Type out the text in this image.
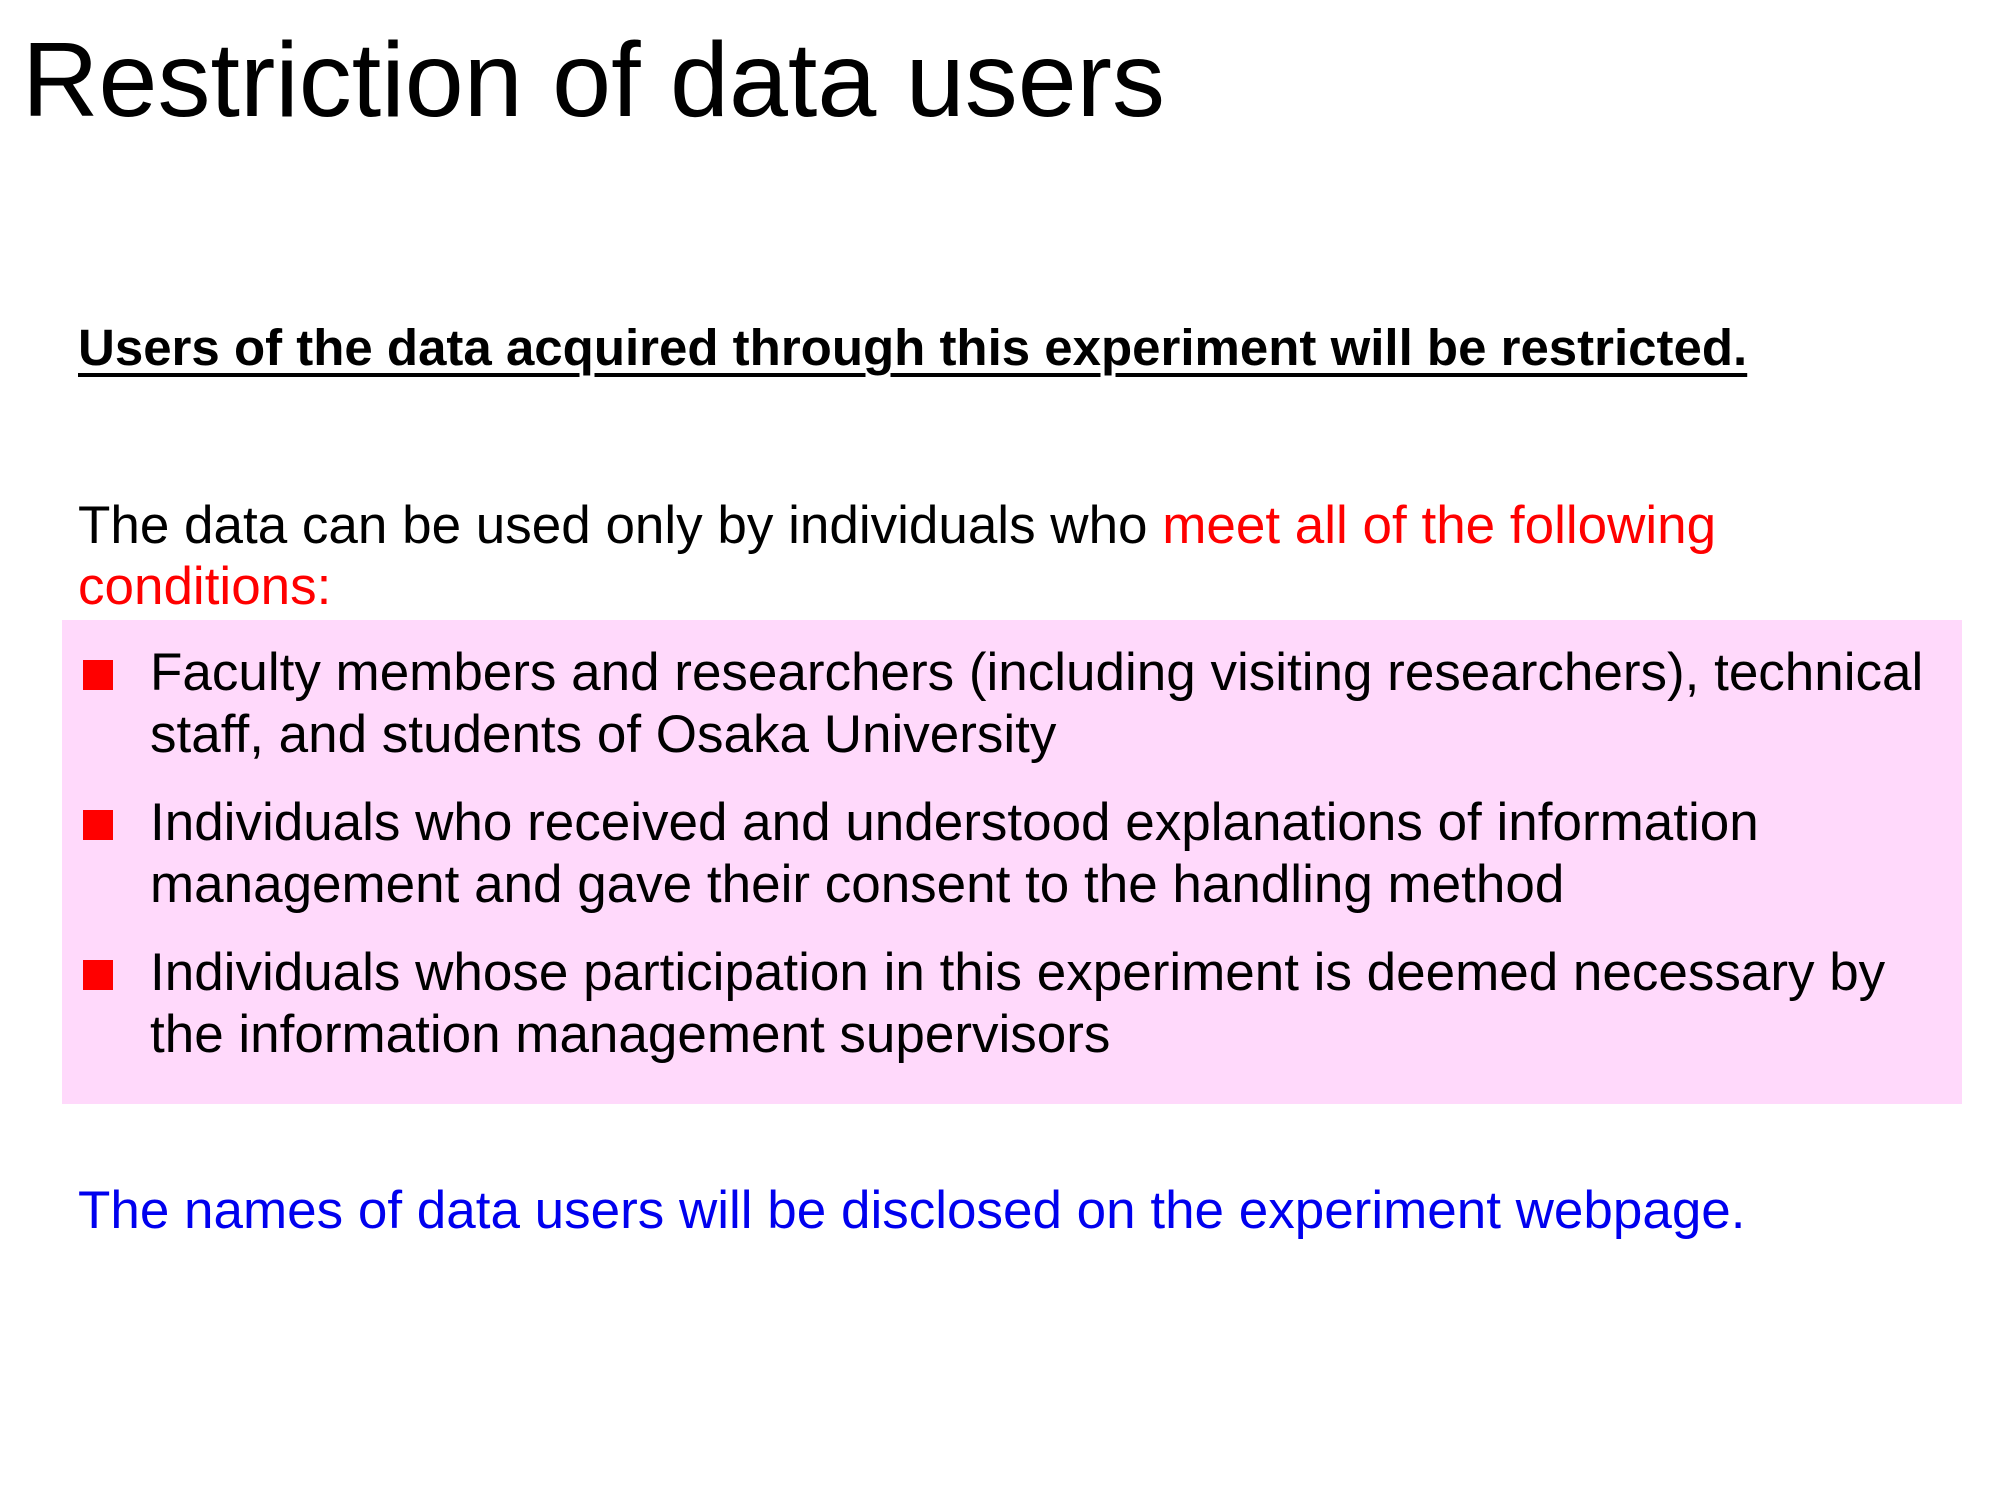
Restriction of data users

Users of the data acquired through this experiment will be restricted.

The data can be used only by individuals who meet all of the following conditions:

Faculty members and researchers (including visiting researchers), technical staff, and students of Osaka University
Individuals who received and understood explanations of information management and gave their consent to the handling method
Individuals whose participation in this experiment is deemed necessary by the information management supervisors

The names of data users will be disclosed on the experiment webpage.
